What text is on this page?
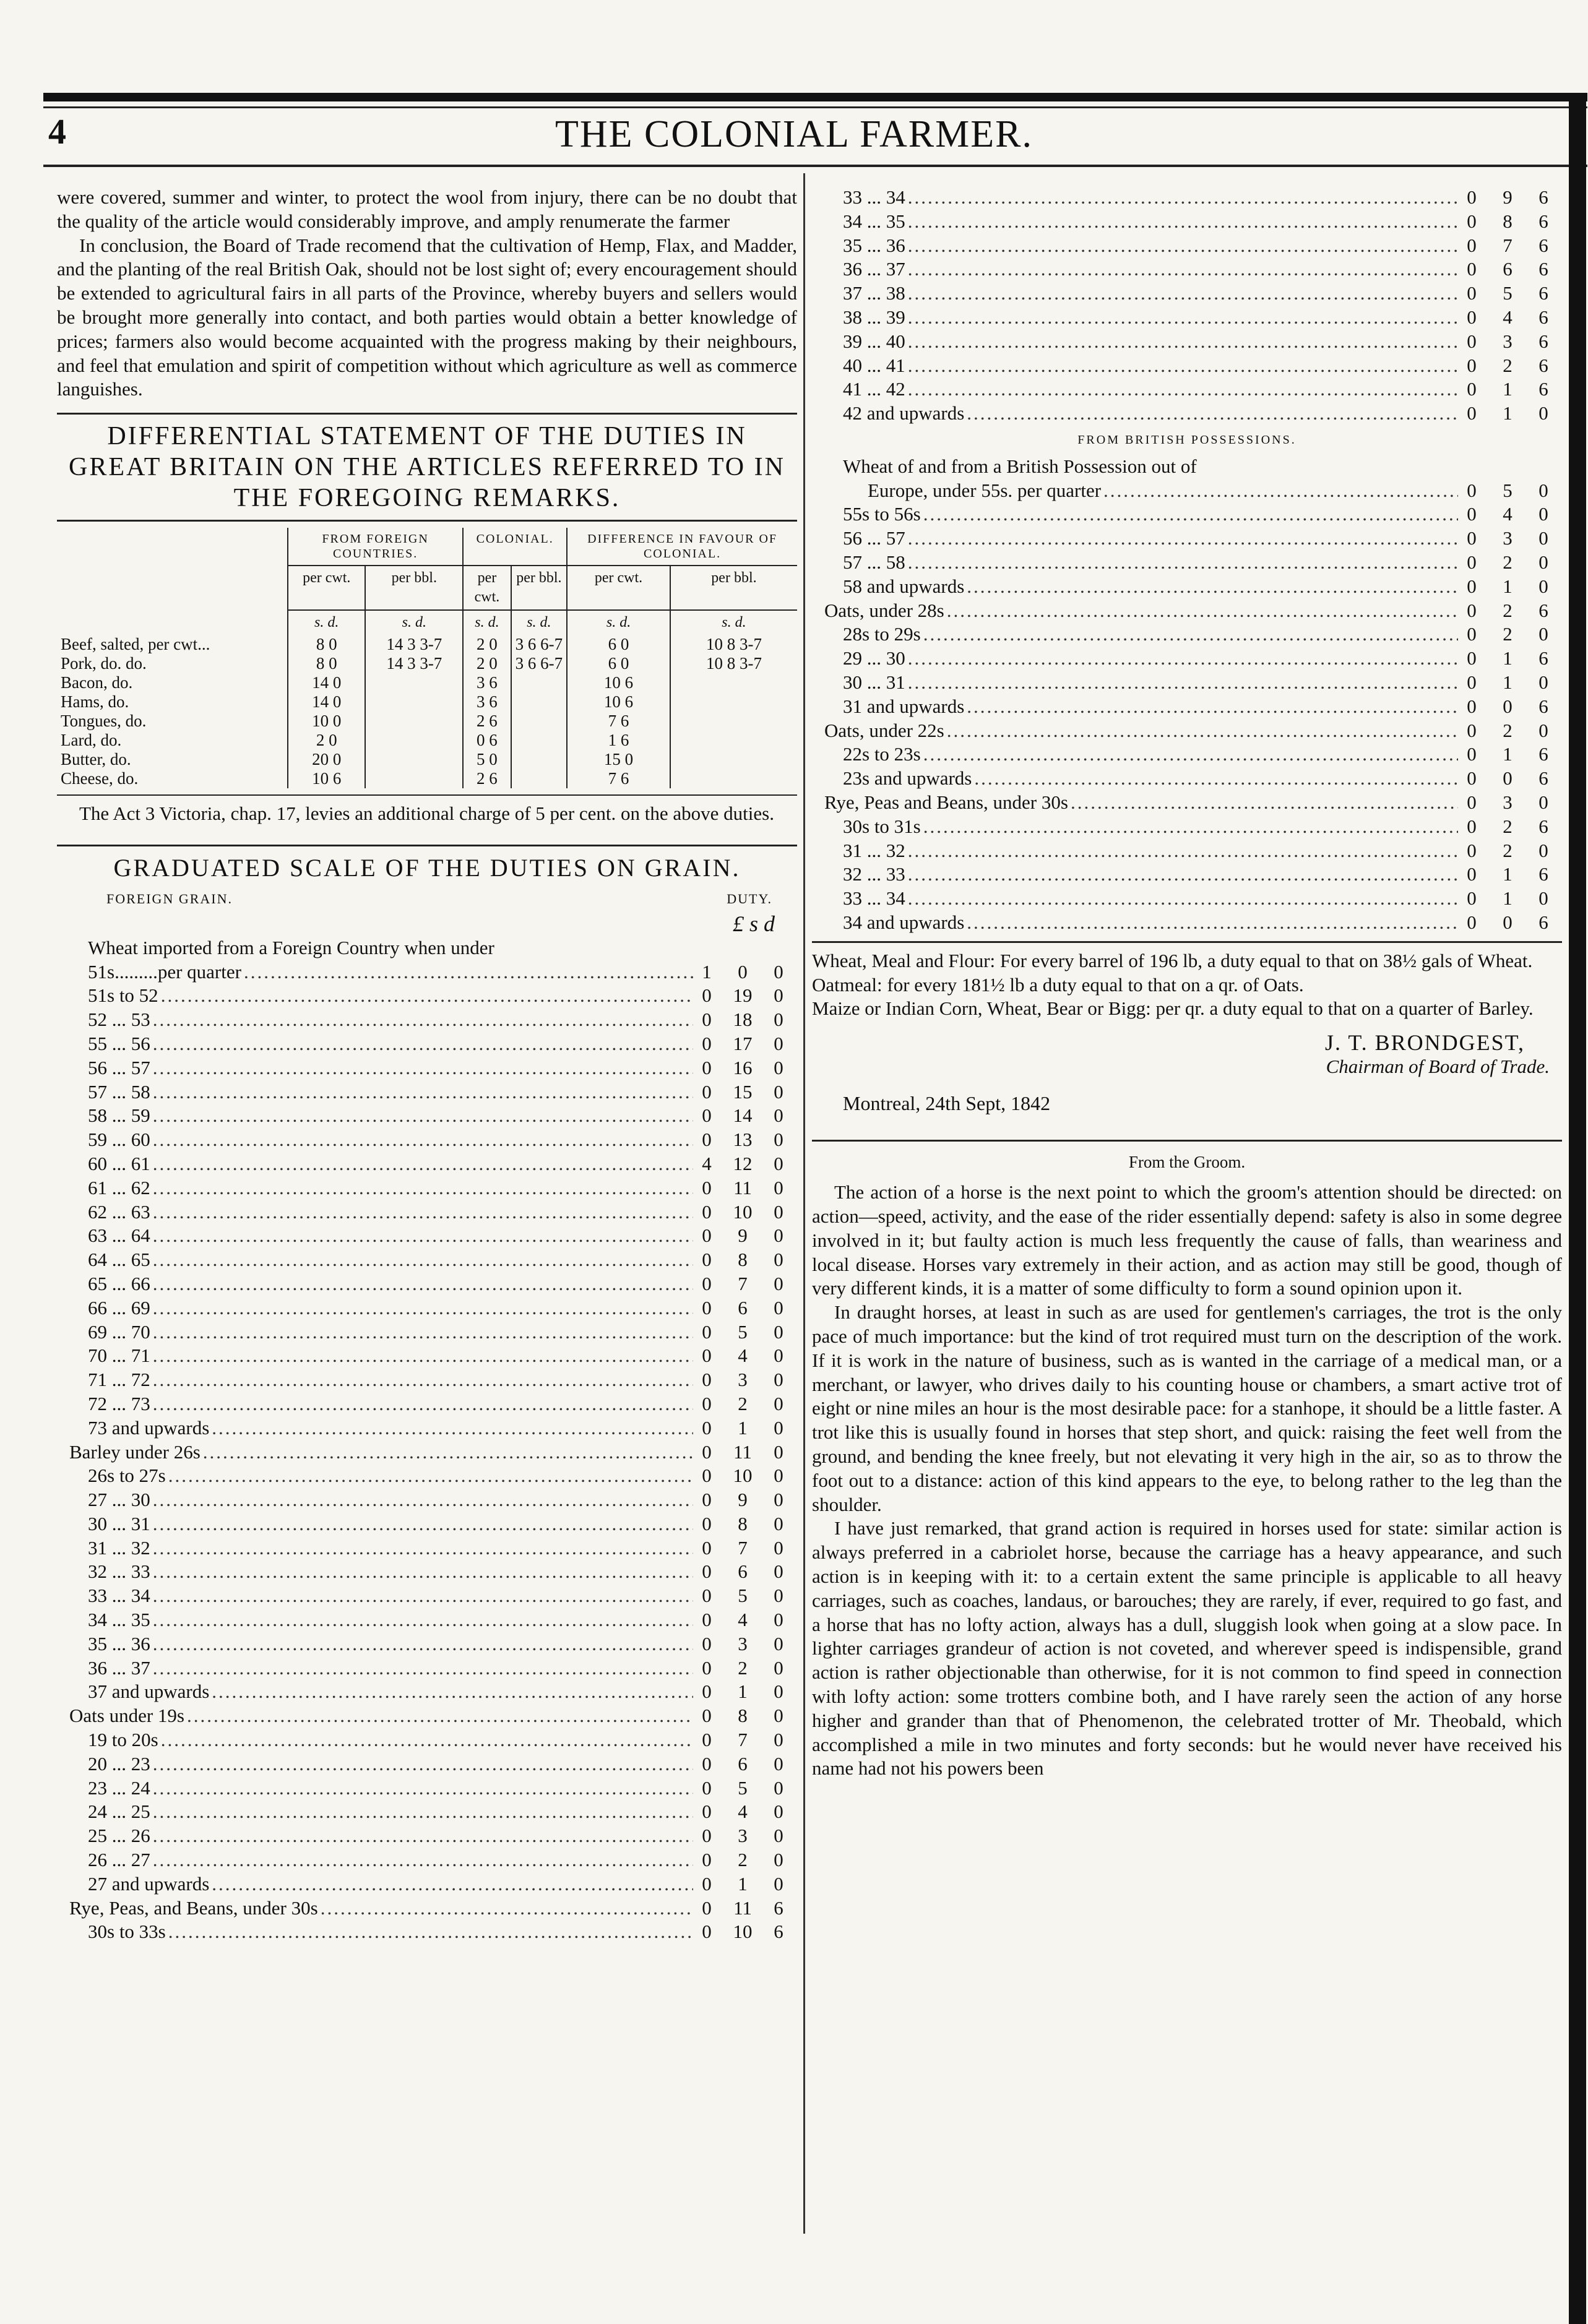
4	THE COLONIAL FARMER.

were covered, summer and winter, to protect the wool from injury, there can be no doubt that the quality of the article would considerably improve, and amply renumerate the farmer

In conclusion, the Board of Trade recomend that the cultivation of Hemp, Flax, and Madder, and the planting of the real British Oak, should not be lost sight of; every encouragement should be extended to agricultural fairs in all parts of the Province, whereby buyers and sellers would be brought more generally into contact, and both parties would obtain a better knowledge of prices; farmers also would become acquainted with the progress making by their neighbours, and feel that emulation and spirit of competition without which agriculture as well as commerce languishes.

DIFFERENTIAL STATEMENT OF THE DUTIES IN GREAT BRITAIN ON THE ARTICLES REFERRED TO IN THE FOREGOING REMARKS.

	FROM FOREIGN COUNTRIES.		COLONIAL.		DIFFERENCE IN FAVOUR OF COLONIAL.	
	per cwt.	per bbl.	per cwt.	per bbl.	per cwt.	per bbl.
	s. d.	s. d.	s. d.	s. d.	s. d.	s. d.
Beef, salted, per cwt...	8 0	14 3 3-7	2 0	3 6 6-7	6 0	10 8 3-7
Pork, do. do.	8 0	14 3 3-7	2 0	3 6 6-7	6 0	10 8 3-7
Bacon, do.	14 0		3 6		10 6	
Hams, do.	14 0		3 6		10 6	
Tongues, do.	10 0		2 6		7 6	
Lard, do.	2 0		0 6		1 6	
Butter, do.	20 0		5 0		15 0	
Cheese, do.	10 6		2 6		7 6	

The Act 3 Victoria, chap. 17, levies an additional charge of 5 per cent. on the above duties.

GRADUATED SCALE OF THE DUTIES ON GRAIN.

FOREIGN GRAIN.	DUTY.
£ s d
Wheat imported from a Foreign Country when under
51s.........per quarter .....	1	0	0
51s to 52 .....	0	19	0
52 ... 53 .....	0	18	0
55 ... 56 .....	0	17	0
56 ... 57 .....	0	16	0
57 ... 58 .....	0	15	0
58 ... 59 .....	0	14	0
59 ... 60 .....	0	13	0
60 ... 61 .....	4	12	0
61 ... 62 .....	0	11	0
62 ... 63 .....	0	10	0
63 ... 64 .....	0	9	0
64 ... 65 .....	0	8	0
65 ... 66 .....	0	7	0
66 ... 69 .....	0	6	0
69 ... 70 .....	0	5	0
70 ... 71 .....	0	4	0
71 ... 72 .....	0	3	0
72 ... 73 .....	0	2	0
73 and upwards .....	0	1	0
Barley under 26s .....	0	11	0
26s to 27s .....	0	10	0
27 ... 30 .....	0	9	0
30 ... 31 .....	0	8	0
31 ... 32 .....	0	7	0
32 ... 33 .....	0	6	0
33 ... 34 .....	0	5	0
34 ... 35 .....	0	4	0
35 ... 36 .....	0	3	0
36 ... 37 .....	0	2	0
37 and upwards .....	0	1	0
Oats under 19s .....	0	8	0
19 to 20s .....	0	7	0
20 ... 23 .....	0	6	0
23 ... 24 .....	0	5	0
24 ... 25 .....	0	4	0
25 ... 26 .....	0	3	0
26 ... 27 .....	0	2	0
27 and upwards .....	0	1	0
Rye, Peas, and Beans, under 30s .....	0	11	6
30s to 33s .....	0	10	6
33 ... 34 .....	0	9	6
34 ... 35 .....	0	8	6
35 ... 36 .....	0	7	6
36 ... 37 .....	0	6	6
37 ... 38 .....	0	5	6
38 ... 39 .....	0	4	6
39 ... 40 .....	0	3	6
40 ... 41 .....	0	2	6
41 ... 42 .....	0	1	6
42 and upwards .....	0	1	0
FROM BRITISH POSSESSIONS.
Wheat of and from a British Possession out of
Europe, under 55s. per quarter .....	0	5	0
55s to 56s .....	0	4	0
56 ... 57 .....	0	3	0
57 ... 58 .....	0	2	0
58 and upwards .....	0	1	0
Oats, under 28s .....	0	2	6
28s to 29s .....	0	2	0
29 ... 30 .....	0	1	6
30 ... 31 .....	0	1	0
31 and upwards .....	0	0	6
Oats, under 22s .....	0	2	0
22s to 23s .....	0	1	6
23s and upwards .....	0	0	6
Rye, Peas and Beans, under 30s .....	0	3	0
30s to 31s .....	0	2	6
31 ... 32 .....	0	2	0
32 ... 33 .....	0	1	6
33 ... 34 .....	0	1	0
34 and upwards .....	0	0	6

Wheat, Meal and Flour: For every barrel of 196 lb, a duty equal to that on 38½ gals of Wheat.

Oatmeal: for every 181½ lb a duty equal to that on a qr. of Oats.

Maize or Indian Corn, Wheat, Bear or Bigg: per qr. a duty equal to that on a quarter of Barley.

J. T. BRONDGEST,
Chairman of Board of Trade.
Montreal, 24th Sept, 1842
From the Groom.

The action of a horse is the next point to which the groom's attention should be directed: on action—speed, activity, and the ease of the rider essentially depend: safety is also in some degree involved in it; but faulty action is much less frequently the cause of falls, than weariness and local disease. Horses vary extremely in their action, and as action may still be good, though of very different kinds, it is a matter of some difficulty to form a sound opinion upon it.

In draught horses, at least in such as are used for gentlemen's carriages, the trot is the only pace of much importance: but the kind of trot required must turn on the description of the work. If it is work in the nature of business, such as is wanted in the carriage of a medical man, or a merchant, or lawyer, who drives daily to his counting house or chambers, a smart active trot of eight or nine miles an hour is the most desirable pace: for a stanhope, it should be a little faster. A trot like this is usually found in horses that step short, and quick: raising the feet well from the ground, and bending the knee freely, but not elevating it very high in the air, so as to throw the foot out to a distance: action of this kind appears to the eye, to belong rather to the leg than the shoulder.

I have just remarked, that grand action is required in horses used for state: similar action is always preferred in a cabriolet horse, because the carriage has a heavy appearance, and such action is in keeping with it: to a certain extent the same principle is applicable to all heavy carriages, such as coaches, landaus, or barouches; they are rarely, if ever, required to go fast, and a horse that has no lofty action, always has a dull, sluggish look when going at a slow pace. In lighter carriages grandeur of action is not coveted, and wherever speed is indispensible, grand action is rather objectionable than otherwise, for it is not common to find speed in connection with lofty action: some trotters combine both, and I have rarely seen the action of any horse higher and grander than that of Phenomenon, the celebrated trotter of Mr. Theobald, which accomplished a mile in two minutes and forty seconds: but he would never have received his name had not his powers been
